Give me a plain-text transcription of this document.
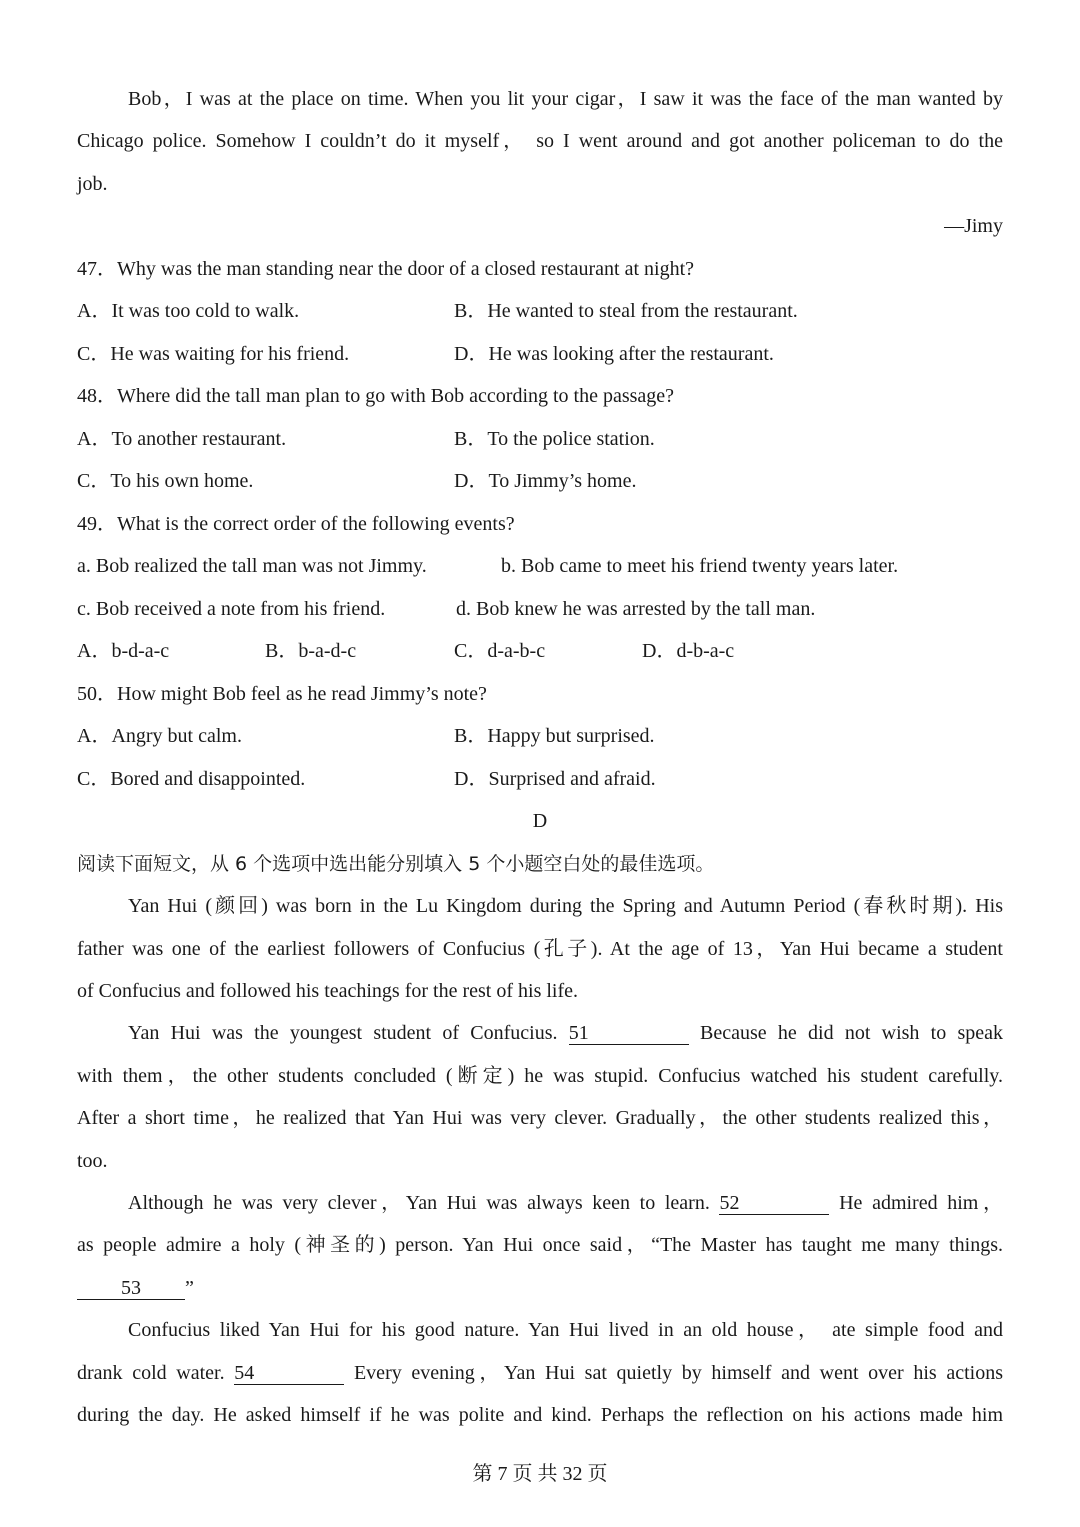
Bob，I was at the place on time. When you lit your cigar，I saw it was the face of the man wanted by
Chicago police. Somehow I couldn’t do it myself， so I went around and got another policeman to do the
job.
—Jimy
47．Why was the man standing near the door of a closed restaurant at night?
A．It was too cold to walk.	B．He wanted to steal from the restaurant.
C．He was waiting for his friend.	D．He was looking after the restaurant.
48．Where did the tall man plan to go with Bob according to the passage?
A．To another restaurant.	B．To the police station.
C．To his own home.	D．To Jimmy’s home.
49．What is the correct order of the following events?
a. Bob realized the tall man was not Jimmy.	b. Bob came to meet his friend twenty years later.
c. Bob received a note from his friend.	d. Bob knew he was arrested by the tall man.
A．b-d-a-c	B．b-a-d-c	C．d-a-b-c	D．d-b-a-c
50．How might Bob feel as he read Jimmy’s note?
A．Angry but calm.	B．Happy but surprised.
C．Bored and disappointed.	D．Surprised and afraid.
D
阅读下面短文，从 6 个选项中选出能分别填入 5 个小题空白处的最佳选项。
Yan Hui (颜回) was born in the Lu Kingdom during the Spring and Autumn Period (春秋时期). His
father was one of the earliest followers of Confucius (孔子). At the age of 13，Yan Hui became a student
of Confucius and followed his teachings for the rest of his life.
Yan Hui was the youngest student of Confucius. 51	Because he did not wish to speak
with them，the other students concluded (断定) he was stupid. Confucius watched his student carefully.
After a short time，he realized that Yan Hui was very clever. Gradually，the other students realized this，
too.
Although he was very clever，Yan Hui was always keen to learn. 52	He admired him，
as people admire a holy (神圣的) person. Yan Hui once said，“The Master has taught me many things.
53 ”
Confucius liked Yan Hui for his good nature. Yan Hui lived in an old house， ate simple food and
drank cold water. 54	Every evening，Yan Hui sat quietly by himself and went over his actions
during the day. He asked himself if he was polite and kind. Perhaps the reflection on his actions made him
第 7 页 共 32 页
